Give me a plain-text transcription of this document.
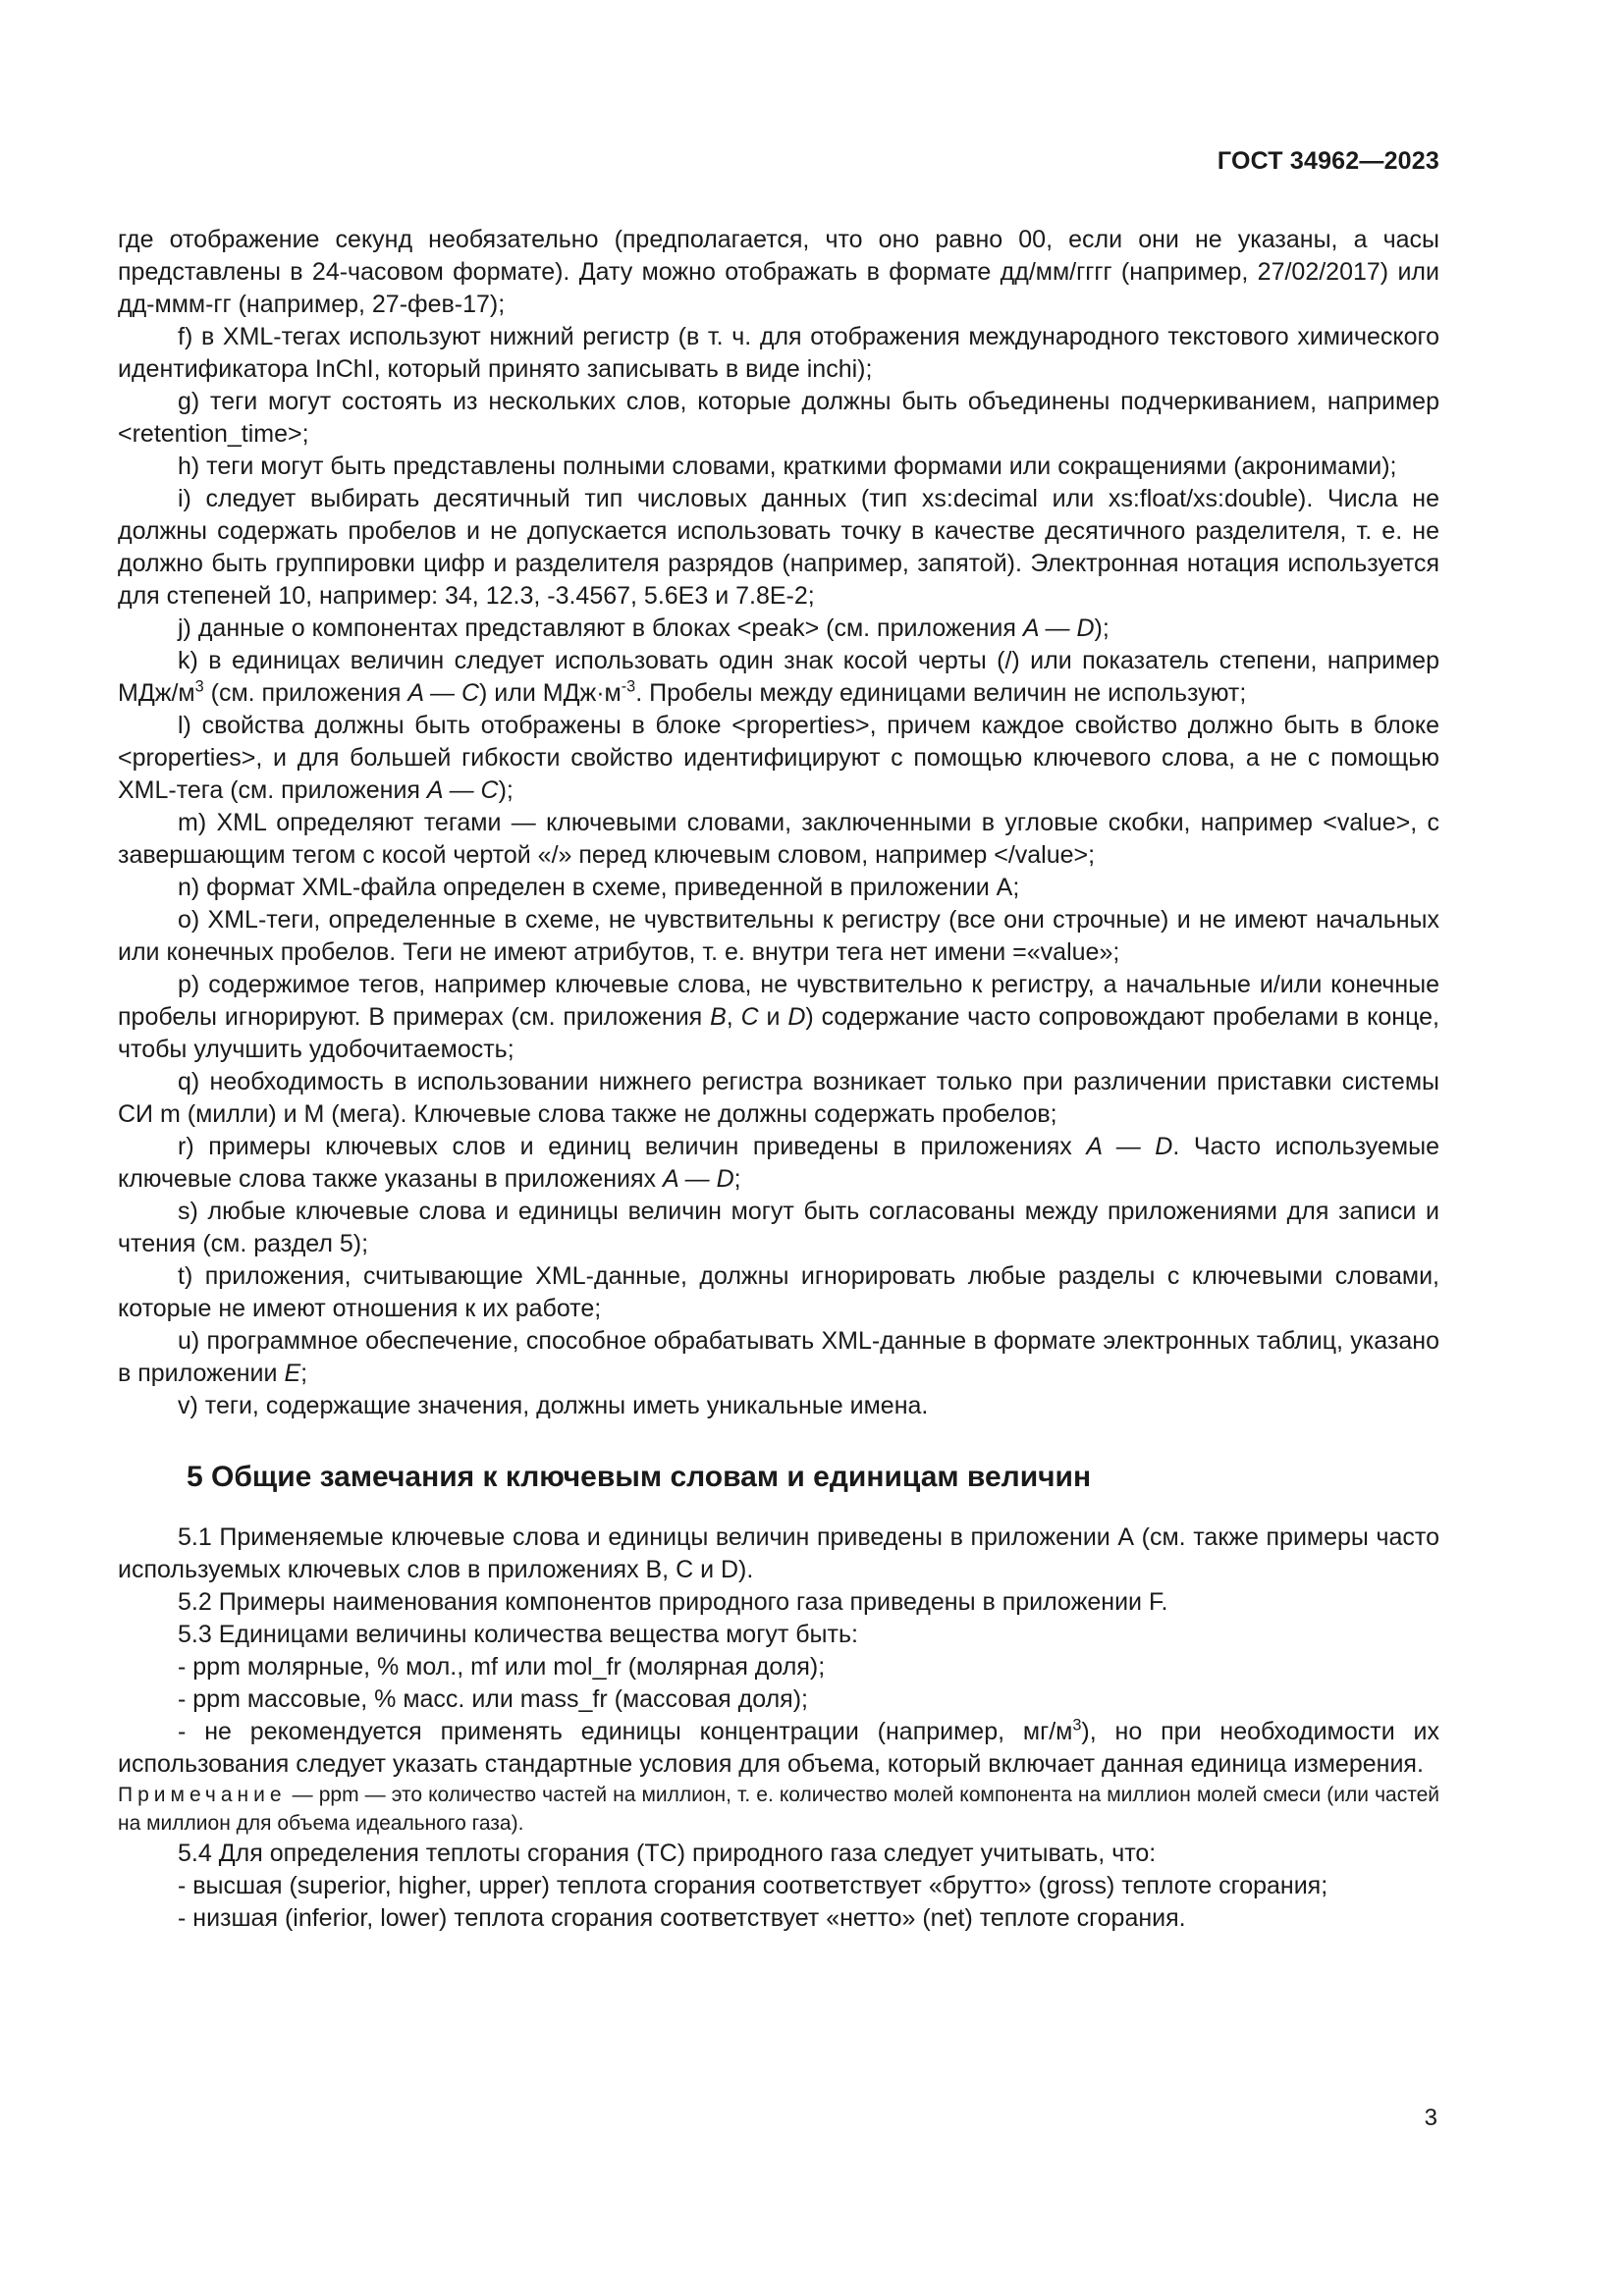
ГОСТ 34962—2023

где отображение секунд необязательно (предполагается, что оно равно 00, если они не указаны, а часы представлены в 24-часовом формате). Дату можно отображать в формате дд/мм/гггг (например, 27/02/2017) или дд-ммм-гг (например, 27-фев-17);

f) в XML-тегах используют нижний регистр (в т. ч. для отображения международного текстового химического идентификатора InChI, который принято записывать в виде inchi);

g) теги могут состоять из нескольких слов, которые должны быть объединены подчеркиванием, например <retention_time>;

h) теги могут быть представлены полными словами, краткими формами или сокращениями (акронимами);

i) следует выбирать десятичный тип числовых данных (тип xs:decimal или xs:float/xs:double). Числа не должны содержать пробелов и не допускается использовать точку в качестве десятичного разделителя, т. е. не должно быть группировки цифр и разделителя разрядов (например, запятой). Электронная нотация используется для степеней 10, например: 34, 12.3, -3.4567, 5.6E3 и 7.8E-2;

j) данные о компонентах представляют в блоках <peak> (см. приложения A — D);

k) в единицах величин следует использовать один знак косой черты (/) или показатель степени, например МДж/$м^3$ (см. приложения A — C) или $МДж\cdot м^{-3}$. Пробелы между единицами величин не используют;

l) свойства должны быть отображены в блоке <properties>, причем каждое свойство должно быть в блоке <properties>, и для большей гибкости свойство идентифицируют с помощью ключевого слова, а не с помощью XML-тега (см. приложения A — C);

m) XML определяют тегами — ключевыми словами, заключенными в угловые скобки, например <value>, с завершающим тегом с косой чертой «/» перед ключевым словом, например </value>;

n) формат XML-файла определен в схеме, приведенной в приложении А;

o) XML-теги, определенные в схеме, не чувствительны к регистру (все они строчные) и не имеют начальных или конечных пробелов. Теги не имеют атрибутов, т. е. внутри тега нет имени =«value»;

p) содержимое тегов, например ключевые слова, не чувствительно к регистру, а начальные и/или конечные пробелы игнорируют. В примерах (см. приложения B, C и D) содержание часто сопровождают пробелами в конце, чтобы улучшить удобочитаемость;

q) необходимость в использовании нижнего регистра возникает только при различении приставки системы СИ m (милли) и М (мега). Ключевые слова также не должны содержать пробелов;

r) примеры ключевых слов и единиц величин приведены в приложениях A — D. Часто используемые ключевые слова также указаны в приложениях A — D;

s) любые ключевые слова и единицы величин могут быть согласованы между приложениями для записи и чтения (см. раздел 5);

t) приложения, считывающие XML-данные, должны игнорировать любые разделы с ключевыми словами, которые не имеют отношения к их работе;

u) программное обеспечение, способное обрабатывать XML-данные в формате электронных таблиц, указано в приложении E;

v) теги, содержащие значения, должны иметь уникальные имена.

5 Общие замечания к ключевым словам и единицам величин

5.1 Применяемые ключевые слова и единицы величин приведены в приложении А (см. также примеры часто используемых ключевых слов в приложениях В, С и D).

5.2 Примеры наименования компонентов природного газа приведены в приложении F.

5.3 Единицами величины количества вещества могут быть:

- ppm молярные, % мол., mf или mol_fr (молярная доля);

- ppm массовые, % масс. или mass_fr (массовая доля);

- не рекомендуется применять единицы концентрации (например, $мг/м^3$), но при необходимости их использования следует указать стандартные условия для объема, который включает данная единица измерения.

Примечание — ppm — это количество частей на миллион, т. е. количество молей компонента на миллион молей смеси (или частей на миллион для объема идеального газа).

5.4 Для определения теплоты сгорания (ТС) природного газа следует учитывать, что:

- высшая (superior, higher, upper) теплота сгорания соответствует «брутто» (gross) теплоте сгорания;

- низшая (inferior, lower) теплота сгорания соответствует «нетто» (net) теплоте сгорания.

3
